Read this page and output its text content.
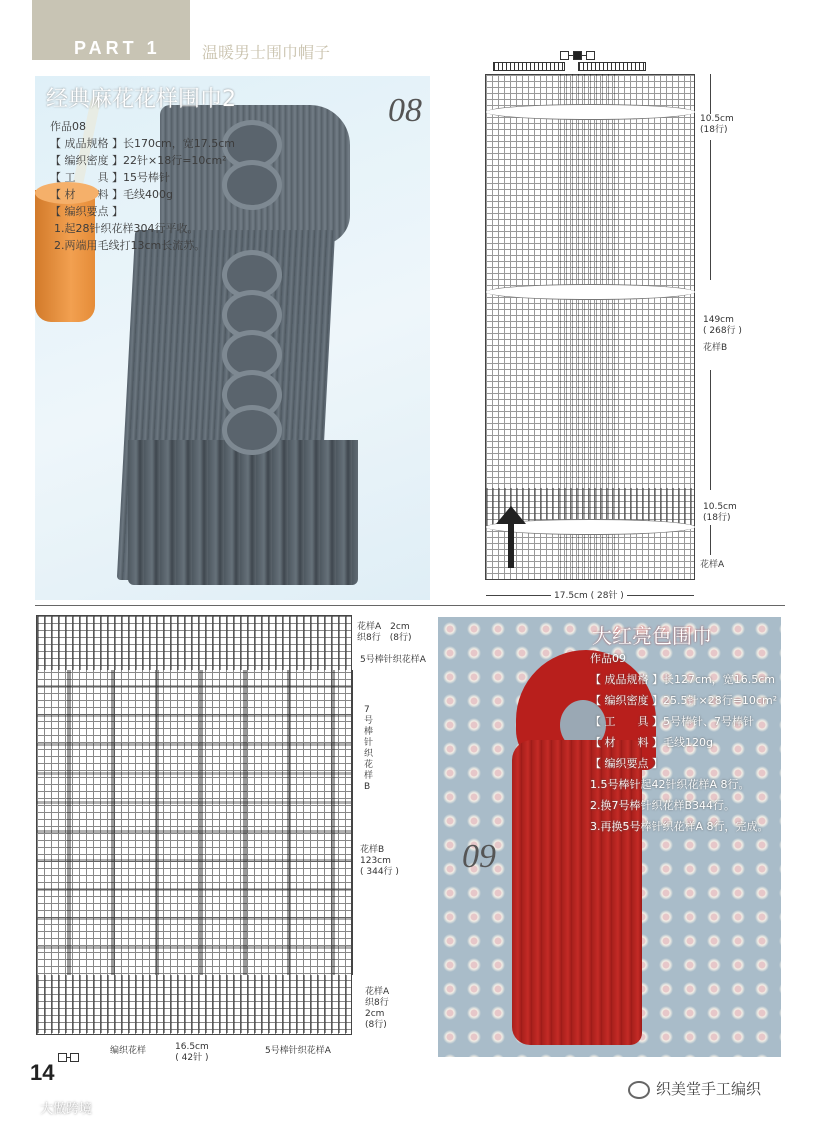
PART 1	温暖男士围巾帽子
经典麻花花样围巾2	08
作品08
【 成品规格 】长170cm，宽17.5cm
【 编织密度 】22针×18行=10cm²
【 工　　具 】15号棒针
【 材　　料 】毛线400g
【 编织要点 】
1.起28针织花样304行平收。
2.两端用毛线打13cm长流苏。
10.5cm
(18行)
149cm
( 268行 )
花样B
10.5cm
(18行)
花样A
17.5cm ( 28针 )
花样A　2cm
织8行　(8行)
5号棒针织花样A
7号棒针织花样B
花样B
123cm
( 344行 )
花样A
织8行
2cm
(8行)
编织花样	16.5cm
( 42针 )
5号棒针织花样A
大红亮色围巾
09
作品09
【 成品规格 】长127cm，宽16.5cm
【 编织密度 】25.5针×28行=10cm²
【 工　　具 】5号棒针、7号棒针
【 材　　料 】毛线120g
【 编织要点 】
1.5号棒针起42针织花样A 8行。
2.换7号棒针织花样B344行。
3.再换5号棒针织花样A 8行，完成。
14
大做跨境
织美堂手工编织
